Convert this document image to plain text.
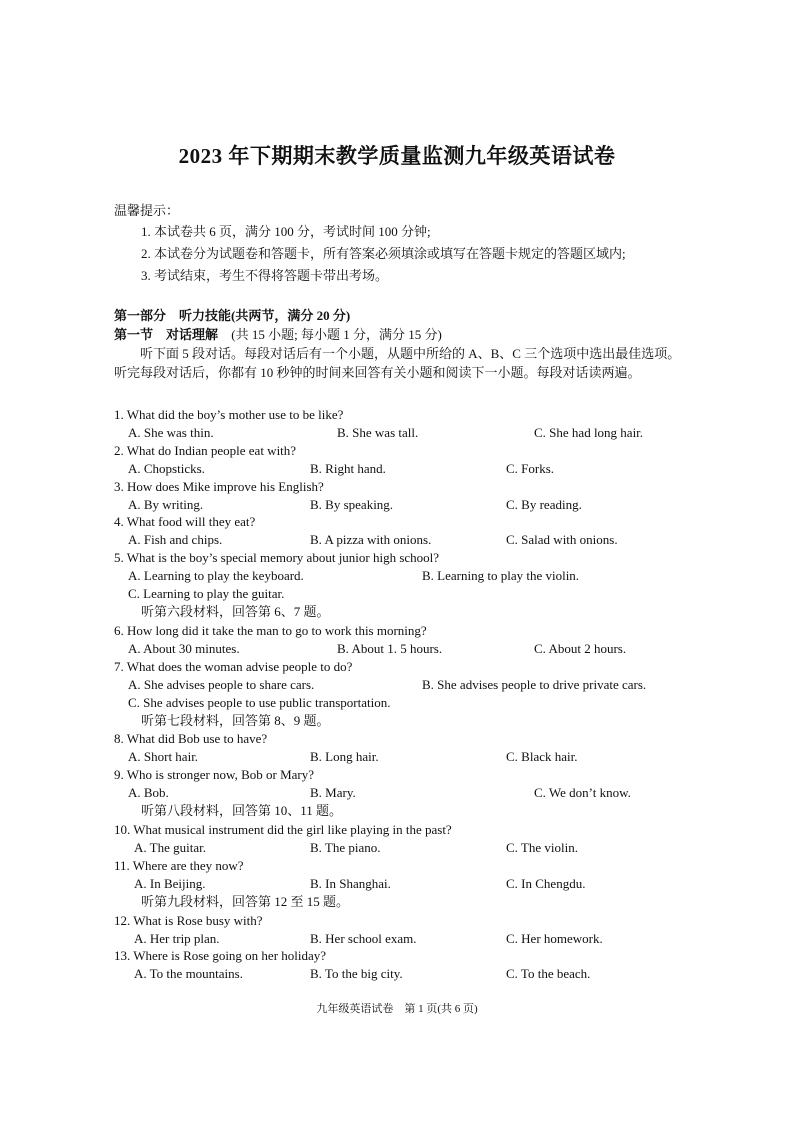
2023 年下期期末教学质量监测九年级英语试卷
温馨提示：
1. 本试卷共 6 页，满分 100 分，考试时间 100 分钟;
2. 本试卷分为试题卷和答题卡，所有答案必须填涂或填写在答题卡规定的答题区域内;
3. 考试结束，考生不得将答题卡带出考场。
第一部分　听力技能(共两节，满分 20 分)
第一节　对话理解 (共 15 小题; 每小题 1 分，满分 15 分)
听下面 5 段对话。每段对话后有一个小题，从题中所给的 A、B、C 三个选项中选出最佳选项。听完每段对话后，你都有 10 秒钟的时间来回答有关小题和阅读下一小题。每段对话读两遍。
1. What did the boy’s mother use to be like?
A. She was thin.	B. She was tall.	C. She had long hair.
2. What do Indian people eat with?
A. Chopsticks.	B. Right hand.	C. Forks.
3. How does Mike improve his English?
A. By writing.	B. By speaking.	C. By reading.
4. What food will they eat?
A. Fish and chips.	B. A pizza with onions.	C. Salad with onions.
5. What is the boy’s special memory about junior high school?
A. Learning to play the keyboard.	B. Learning to play the violin.
C. Learning to play the guitar.
听第六段材料，回答第 6、7 题。
6. How long did it take the man to go to work this morning?
A. About 30 minutes.	B. About 1. 5 hours.	C. About 2 hours.
7. What does the woman advise people to do?
A. She advises people to share cars.	B. She advises people to drive private cars.
C. She advises people to use public transportation.
听第七段材料，回答第 8、9 题。
8. What did Bob use to have?
A. Short hair.	B. Long hair.	C. Black hair.
9. Who is stronger now, Bob or Mary?
A. Bob.	B. Mary.	C. We don’t know.
听第八段材料，回答第 10、11 题。
10. What musical instrument did the girl like playing in the past?
A. The guitar.	B. The piano.	C. The violin.
11. Where are they now?
A. In Beijing.	B. In Shanghai.	C. In Chengdu.
听第九段材料，回答第 12 至 15 题。
12. What is Rose busy with?
A. Her trip plan.	B. Her school exam.	C. Her homework.
13. Where is Rose going on her holiday?
A. To the mountains.	B. To the big city.	C. To the beach.
九年级英语试卷　第 1 页(共 6 页)
